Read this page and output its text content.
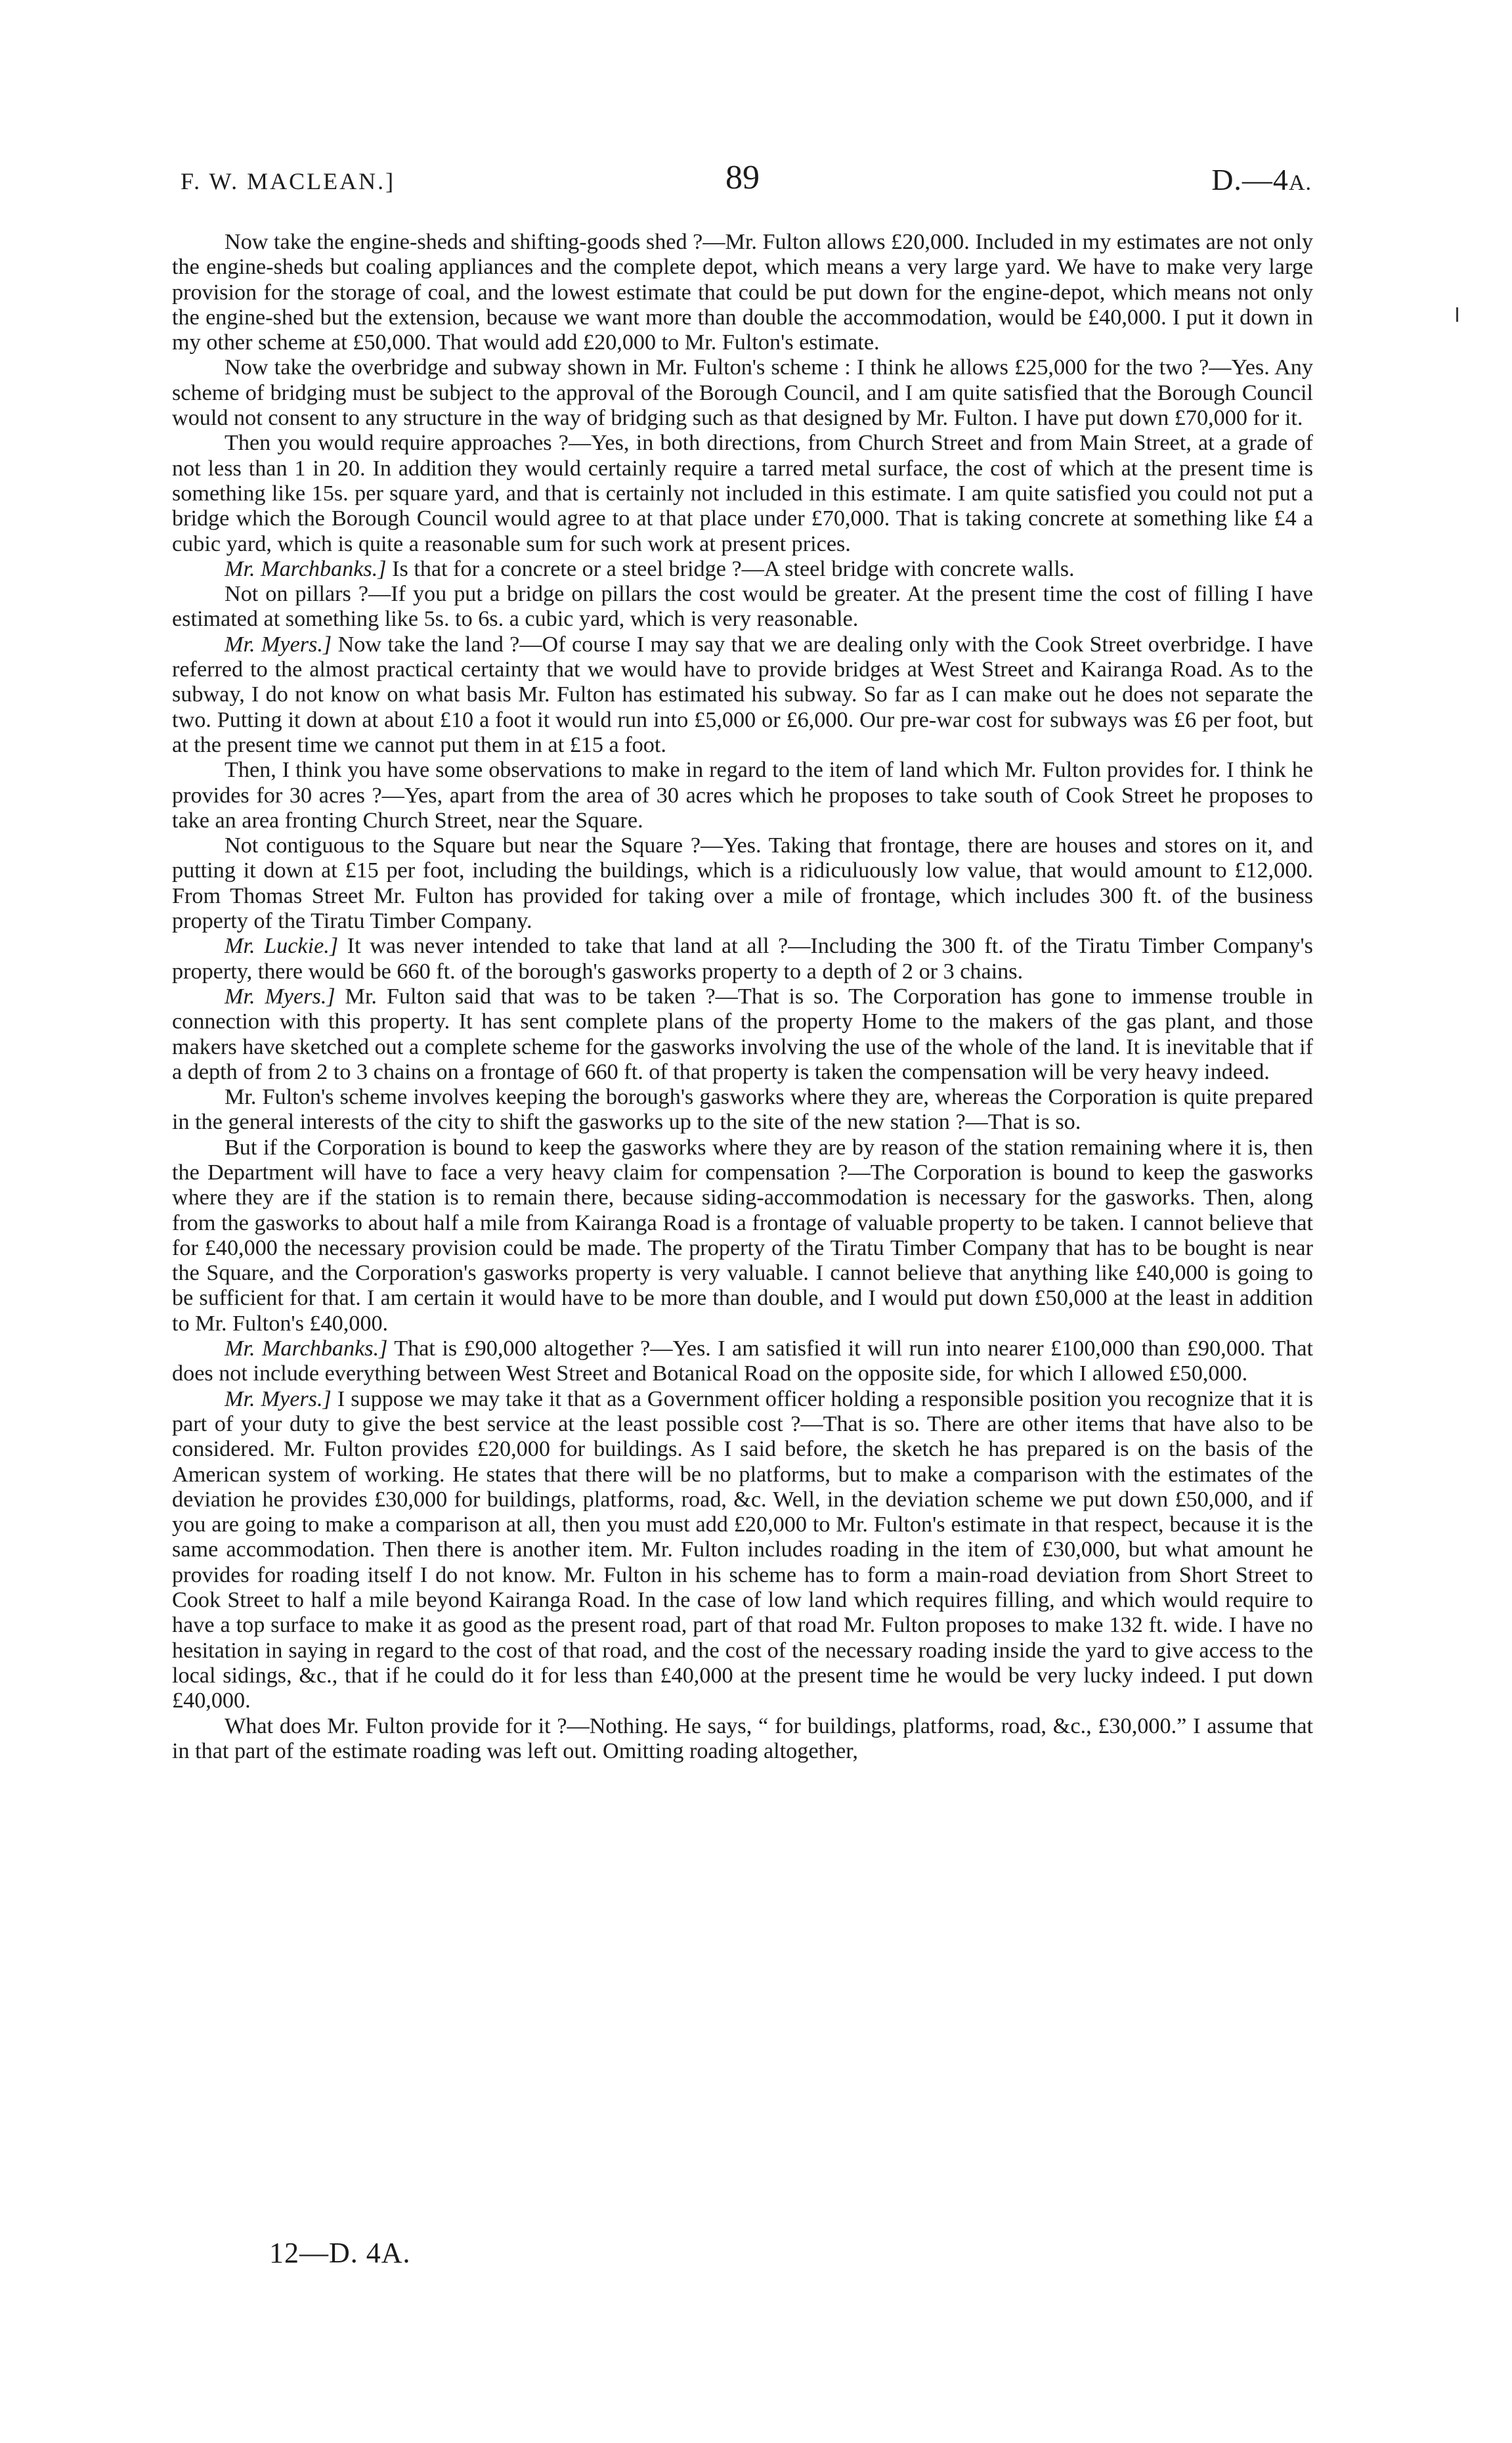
F. W. MACLEAN.]	89	D.—4A.

Now take the engine-sheds and shifting-goods shed ?—Mr. Fulton allows £20,000. Included in my estimates are not only the engine-sheds but coaling appliances and the complete depot, which means a very large yard. We have to make very large provision for the storage of coal, and the lowest estimate that could be put down for the engine-depot, which means not only the engine-shed but the extension, because we want more than double the accommodation, would be £40,000. I put it down in my other scheme at £50,000. That would add £20,000 to Mr. Fulton's estimate.

Now take the overbridge and subway shown in Mr. Fulton's scheme : I think he allows £25,000 for the two ?—Yes. Any scheme of bridging must be subject to the approval of the Borough Council, and I am quite satisfied that the Borough Council would not consent to any structure in the way of bridging such as that designed by Mr. Fulton. I have put down £70,000 for it.

Then you would require approaches ?—Yes, in both directions, from Church Street and from Main Street, at a grade of not less than 1 in 20. In addition they would certainly require a tarred metal surface, the cost of which at the present time is something like 15s. per square yard, and that is certainly not included in this estimate. I am quite satisfied you could not put a bridge which the Borough Council would agree to at that place under £70,000. That is taking concrete at something like £4 a cubic yard, which is quite a reasonable sum for such work at present prices.

Mr. Marchbanks.] Is that for a concrete or a steel bridge ?—A steel bridge with concrete walls.

Not on pillars ?—If you put a bridge on pillars the cost would be greater. At the present time the cost of filling I have estimated at something like 5s. to 6s. a cubic yard, which is very reasonable.

Mr. Myers.] Now take the land ?—Of course I may say that we are dealing only with the Cook Street overbridge. I have referred to the almost practical certainty that we would have to provide bridges at West Street and Kairanga Road. As to the subway, I do not know on what basis Mr. Fulton has estimated his subway. So far as I can make out he does not separate the two. Putting it down at about £10 a foot it would run into £5,000 or £6,000. Our pre-war cost for subways was £6 per foot, but at the present time we cannot put them in at £15 a foot.

Then, I think you have some observations to make in regard to the item of land which Mr. Fulton provides for. I think he provides for 30 acres ?—Yes, apart from the area of 30 acres which he proposes to take south of Cook Street he proposes to take an area fronting Church Street, near the Square.

Not contiguous to the Square but near the Square ?—Yes. Taking that frontage, there are houses and stores on it, and putting it down at £15 per foot, including the buildings, which is a ridiculuously low value, that would amount to £12,000. From Thomas Street Mr. Fulton has provided for taking over a mile of frontage, which includes 300 ft. of the business property of the Tiratu Timber Company.

Mr. Luckie.] It was never intended to take that land at all ?—Including the 300 ft. of the Tiratu Timber Company's property, there would be 660 ft. of the borough's gasworks property to a depth of 2 or 3 chains.

Mr. Myers.] Mr. Fulton said that was to be taken ?—That is so. The Corporation has gone to immense trouble in connection with this property. It has sent complete plans of the property Home to the makers of the gas plant, and those makers have sketched out a complete scheme for the gasworks involving the use of the whole of the land. It is inevitable that if a depth of from 2 to 3 chains on a frontage of 660 ft. of that property is taken the compensation will be very heavy indeed.

Mr. Fulton's scheme involves keeping the borough's gasworks where they are, whereas the Corporation is quite prepared in the general interests of the city to shift the gasworks up to the site of the new station ?—That is so.

But if the Corporation is bound to keep the gasworks where they are by reason of the station remaining where it is, then the Department will have to face a very heavy claim for compensation ?—The Corporation is bound to keep the gasworks where they are if the station is to remain there, because siding-accommodation is necessary for the gasworks. Then, along from the gasworks to about half a mile from Kairanga Road is a frontage of valuable property to be taken. I cannot believe that for £40,000 the necessary provision could be made. The property of the Tiratu Timber Company that has to be bought is near the Square, and the Corporation's gasworks property is very valuable. I cannot believe that anything like £40,000 is going to be sufficient for that. I am certain it would have to be more than double, and I would put down £50,000 at the least in addition to Mr. Fulton's £40,000.

Mr. Marchbanks.] That is £90,000 altogether ?—Yes. I am satisfied it will run into nearer £100,000 than £90,000. That does not include everything between West Street and Botanical Road on the opposite side, for which I allowed £50,000.

Mr. Myers.] I suppose we may take it that as a Government officer holding a responsible position you recognize that it is part of your duty to give the best service at the least possible cost ?—That is so. There are other items that have also to be considered. Mr. Fulton provides £20,000 for buildings. As I said before, the sketch he has prepared is on the basis of the American system of working. He states that there will be no platforms, but to make a comparison with the estimates of the deviation he provides £30,000 for buildings, platforms, road, &c. Well, in the deviation scheme we put down £50,000, and if you are going to make a comparison at all, then you must add £20,000 to Mr. Fulton's estimate in that respect, because it is the same accommodation. Then there is another item. Mr. Fulton includes roading in the item of £30,000, but what amount he provides for roading itself I do not know. Mr. Fulton in his scheme has to form a main-road deviation from Short Street to Cook Street to half a mile beyond Kairanga Road. In the case of low land which requires filling, and which would require to have a top surface to make it as good as the present road, part of that road Mr. Fulton proposes to make 132 ft. wide. I have no hesitation in saying in regard to the cost of that road, and the cost of the necessary roading inside the yard to give access to the local sidings, &c., that if he could do it for less than £40,000 at the present time he would be very lucky indeed. I put down £40,000.

What does Mr. Fulton provide for it ?—Nothing. He says, “ for buildings, platforms, road, &c., £30,000.” I assume that in that part of the estimate roading was left out. Omitting roading altogether,

12—D. 4A.
